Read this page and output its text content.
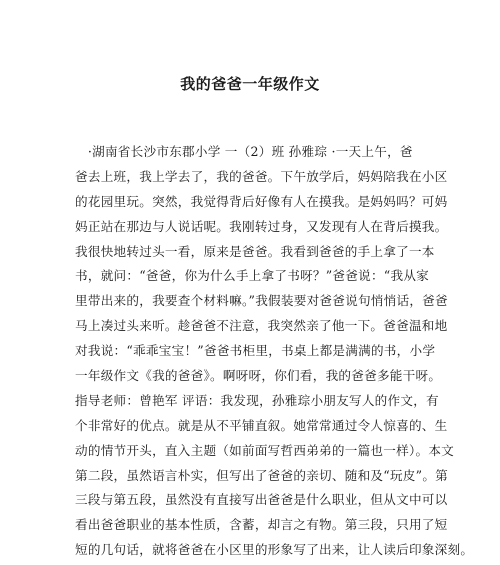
我的爸爸一年级作文
　·湖南省长沙市东郡小学 一（2）班 孙雅琮 ·一天上午，爸
爸去上班，我上学去了，我的爸爸。下午放学后，妈妈陪我在小区
的花园里玩。突然，我觉得背后好像有人在摸我。是妈妈吗？可妈
妈正站在那边与人说话呢。我刚转过身，又发现有人在背后摸我。
我很快地转过头一看，原来是爸爸。我看到爸爸的手上拿了一本
书，就问：“爸爸，你为什么手上拿了书呀？”爸爸说：“我从家
里带出来的，我要查个材料嘛。”我假装要对爸爸说句悄悄话，爸爸
马上凑过头来听。趁爸爸不注意，我突然亲了他一下。爸爸温和地
对我说：“乖乖宝宝！”爸爸书柜里，书桌上都是满满的书，小学
一年级作文《我的爸爸》。啊呀呀，你们看，我的爸爸多能干呀。
指导老师：曾艳军 评语：我发现，孙雅琮小朋友写人的作文，有
个非常好的优点。就是从不平铺直叙。她常常通过令人惊喜的、生
动的情节开头，直入主题（如前面写哲西弟弟的一篇也一样）。本文
第二段，虽然语言朴实，但写出了爸爸的亲切、随和及“玩皮”。第
三段与第五段，虽然没有直接写出爸爸是什么职业，但从文中可以
看出爸爸职业的基本性质，含蓄，却言之有物。第三段，只用了短
短的几句话，就将爸爸在小区里的形象写了出来，让人读后印象深刻。
